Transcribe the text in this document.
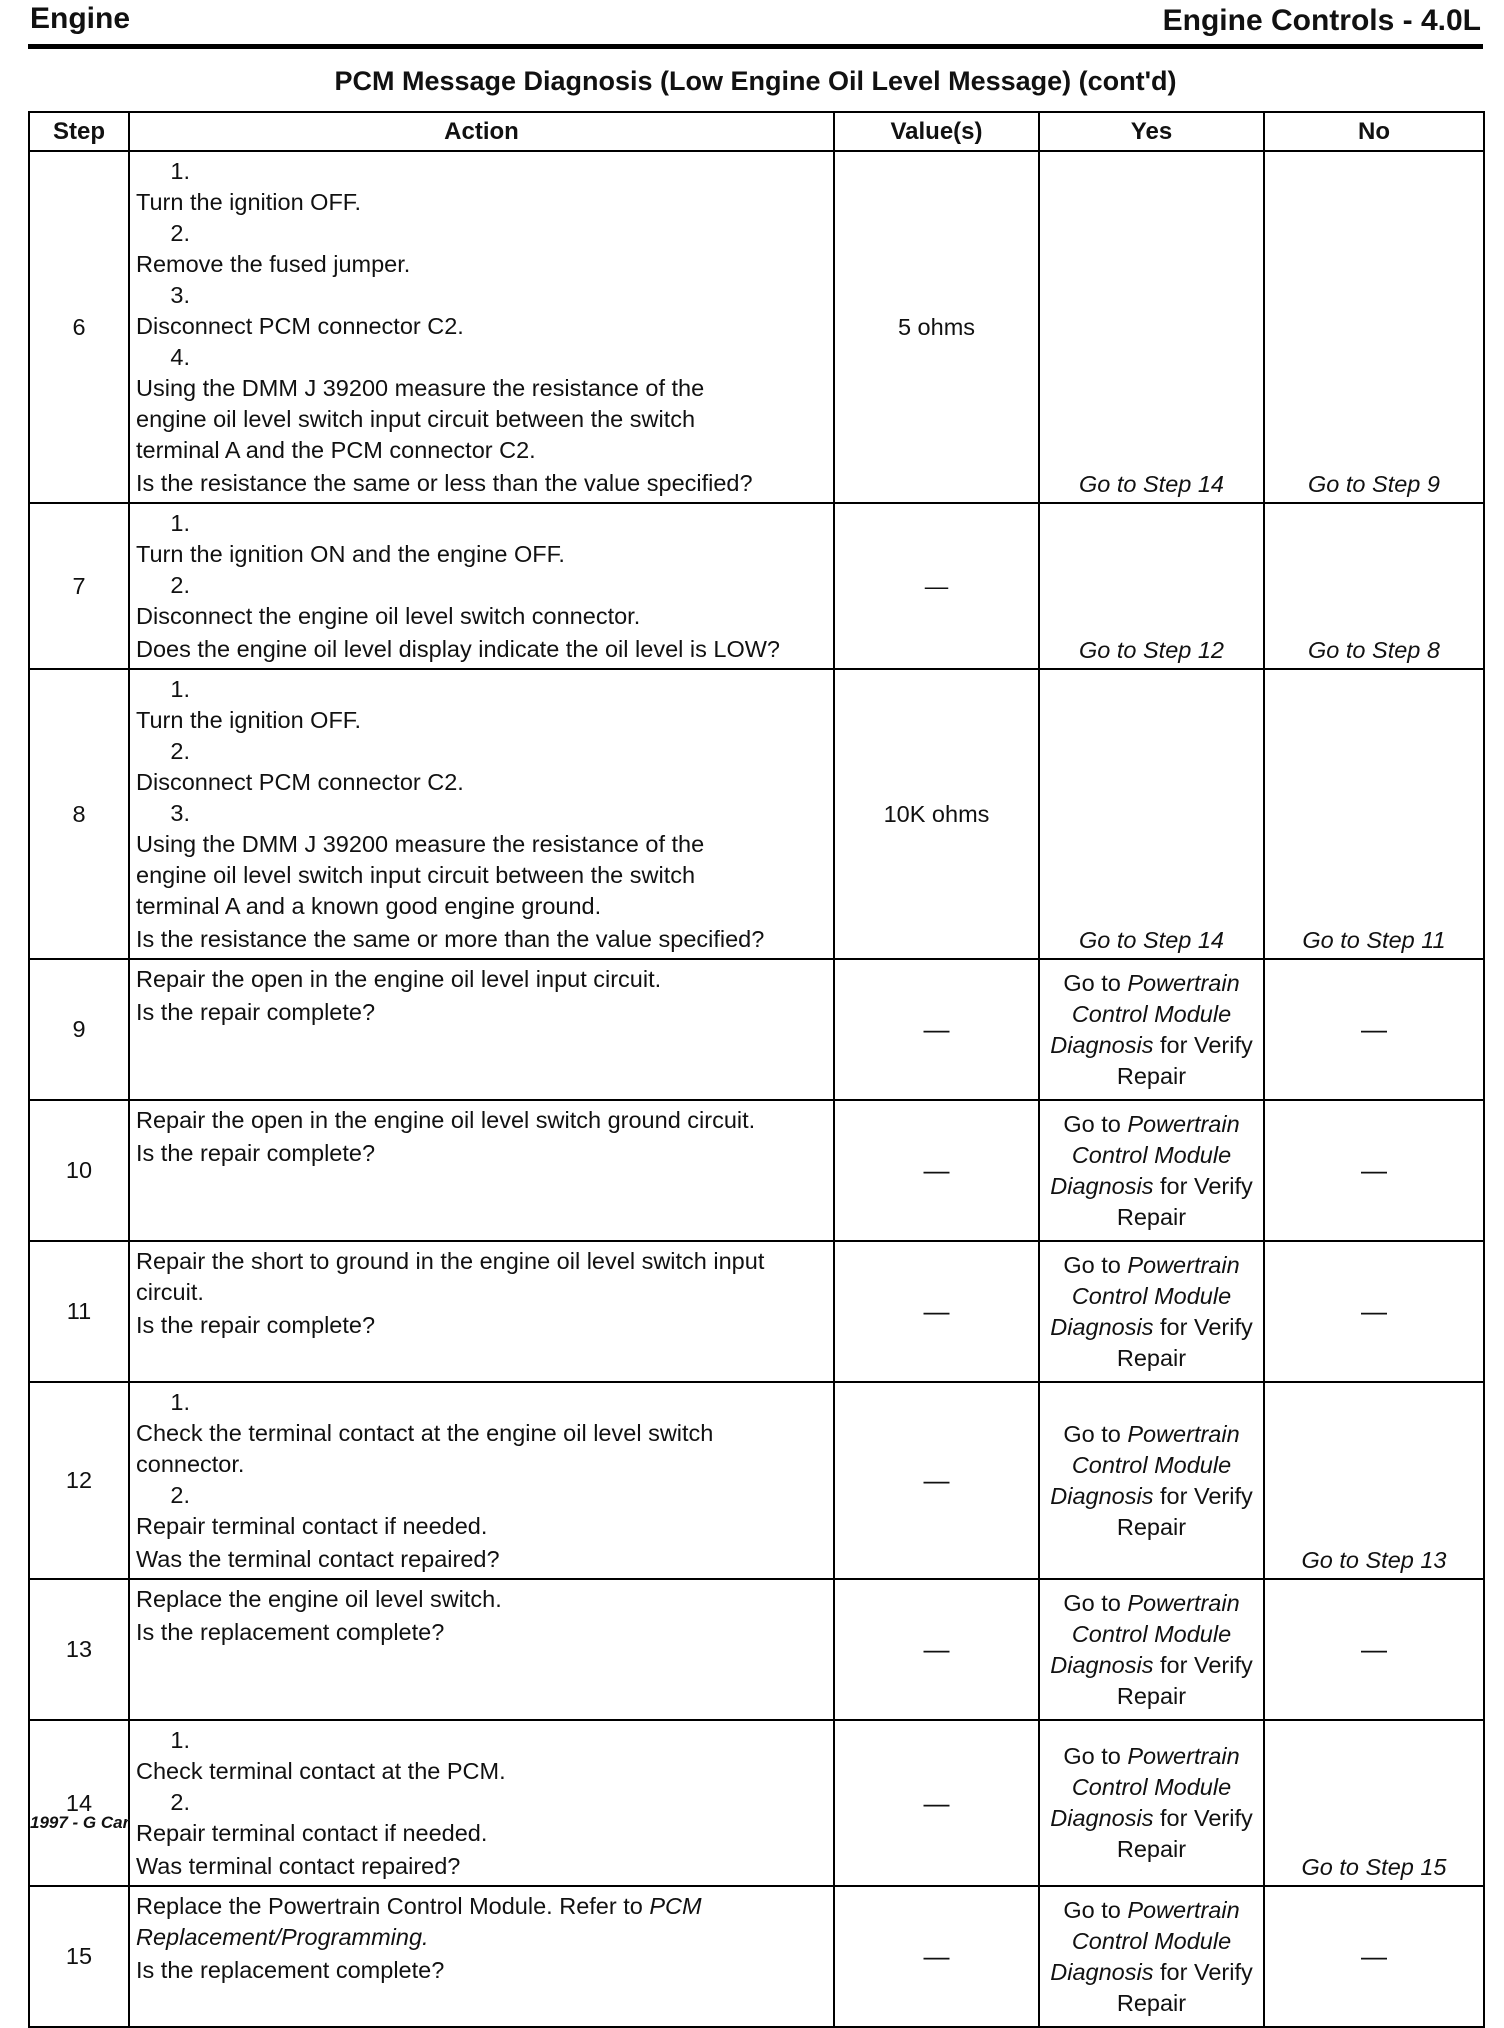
Engine	Engine Controls - 4.0L
PCM Message Diagnosis (Low Engine Oil Level Message) (cont'd)
Step	Action	Value(s)	Yes	No
6	1.Turn the ignition OFF.
2.Remove the fused jumper.
3.Disconnect PCM connector C2.
4.Using the DMM J 39200 measure the resistance of the engine oil level switch input circuit between the switch terminal A and the PCM connector C2.
Is the resistance the same or less than the value specified?	5 ohms	Go to Step 14	Go to Step 9
7	1.Turn the ignition ON and the engine OFF.
2.Disconnect the engine oil level switch connector.
Does the engine oil level display indicate the oil level is LOW?	—	Go to Step 12	Go to Step 8
8	1.Turn the ignition OFF.
2.Disconnect PCM connector C2.
3.Using the DMM J 39200 measure the resistance of the engine oil level switch input circuit between the switch terminal A and a known good engine ground.
Is the resistance the same or more than the value specified?	10K ohms	Go to Step 14	Go to Step 11
9	Repair the open in the engine oil level input circuit.
Is the repair complete?	—	Go to Powertrain Control Module Diagnosis for Verify Repair	—
10	Repair the open in the engine oil level switch ground circuit.
Is the repair complete?	—	Go to Powertrain Control Module Diagnosis for Verify Repair	—
11	Repair the short to ground in the engine oil level switch input circuit.
Is the repair complete?	—	Go to Powertrain Control Module Diagnosis for Verify Repair	—
12	1.Check the terminal contact at the engine oil level switch connector.
2.Repair terminal contact if needed.
Was the terminal contact repaired?	—	Go to Powertrain Control Module Diagnosis for Verify Repair	Go to Step 13
13	Replace the engine oil level switch.
Is the replacement complete?	—	Go to Powertrain Control Module Diagnosis for Verify Repair	—
14	1.Check terminal contact at the PCM.
2.Repair terminal contact if needed.
Was terminal contact repaired?	—	Go to Powertrain Control Module Diagnosis for Verify Repair	Go to Step 15
15	Replace the Powertrain Control Module. Refer to PCM Replacement/Programming.
Is the replacement complete?	—	Go to Powertrain Control Module Diagnosis for Verify Repair	—
1997 - G Car
